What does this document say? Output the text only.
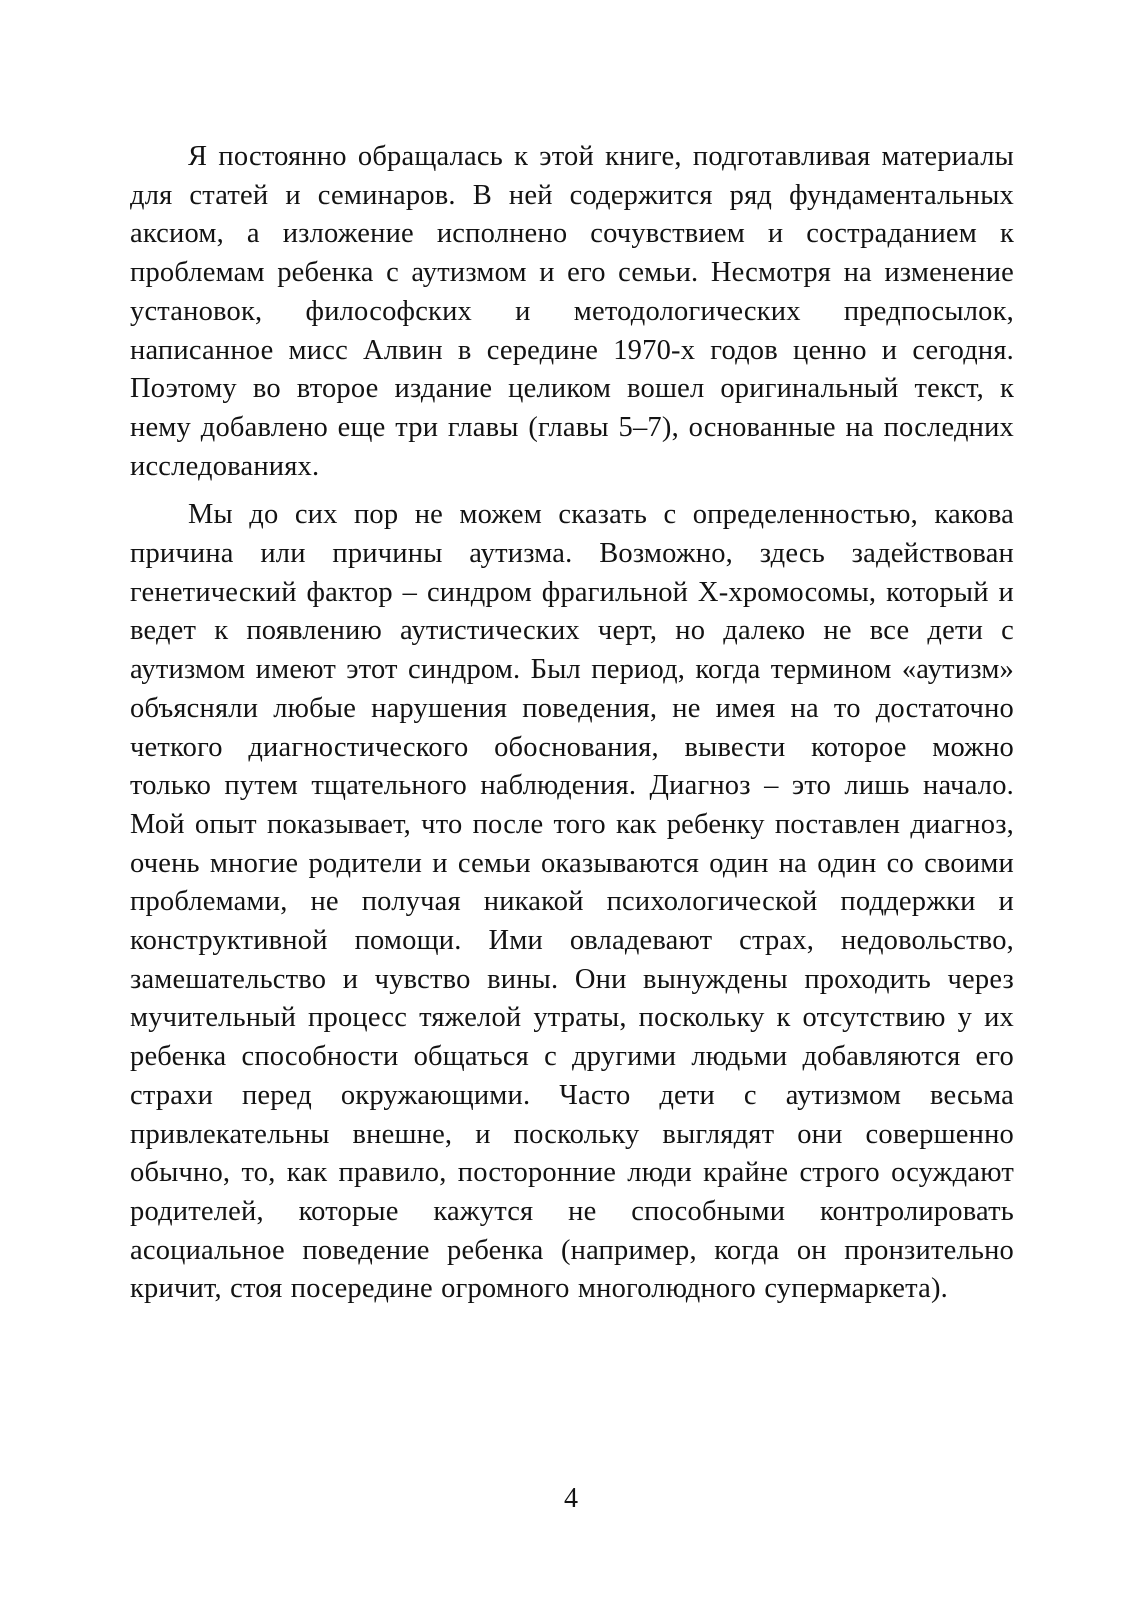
Я постоянно обращалась к этой книге, подготавливая материалы для статей и семинаров. В ней содержится ряд фундаментальных аксиом, а изложение исполнено сочувствием и состраданием к проблемам ребенка с аутизмом и его семьи. Несмотря на изменение установок, философских и методологических предпосылок, написанное мисс Алвин в середине 1970-х годов ценно и сегодня. Поэтому во второе издание целиком вошел оригинальный текст, к нему добавлено еще три главы (главы 5–7), основанные на последних исследованиях.

Мы до сих пор не можем сказать с определенностью, какова причина или причины аутизма. Возможно, здесь задействован генетический фактор – синдром фрагильной Х-хромосомы, который и ведет к появлению аутистических черт, но далеко не все дети с аутизмом имеют этот синдром. Был период, когда термином «аутизм» объясняли любые нарушения поведения, не имея на то достаточно четкого диагностического обоснования, вывести которое можно только путем тщательного наблюдения. Диагноз – это лишь начало. Мой опыт показывает, что после того как ребенку поставлен диагноз, очень многие родители и семьи оказываются один на один со своими проблемами, не получая никакой психологической поддержки и конструктивной помощи. Ими овладевают страх, недовольство, замешательство и чувство вины. Они вынуждены проходить через мучительный процесс тяжелой утраты, поскольку к отсутствию у их ребенка способности общаться с другими людьми добавляются его страхи перед окружающими. Часто дети с аутизмом весьма привлекательны внешне, и поскольку выглядят они совершенно обычно, то, как правило, посторонние люди крайне строго осуждают родителей, которые кажутся не способными контролировать асоциальное поведение ребенка (например, когда он пронзительно кричит, стоя посередине огромного многолюдного супермаркета).

4
